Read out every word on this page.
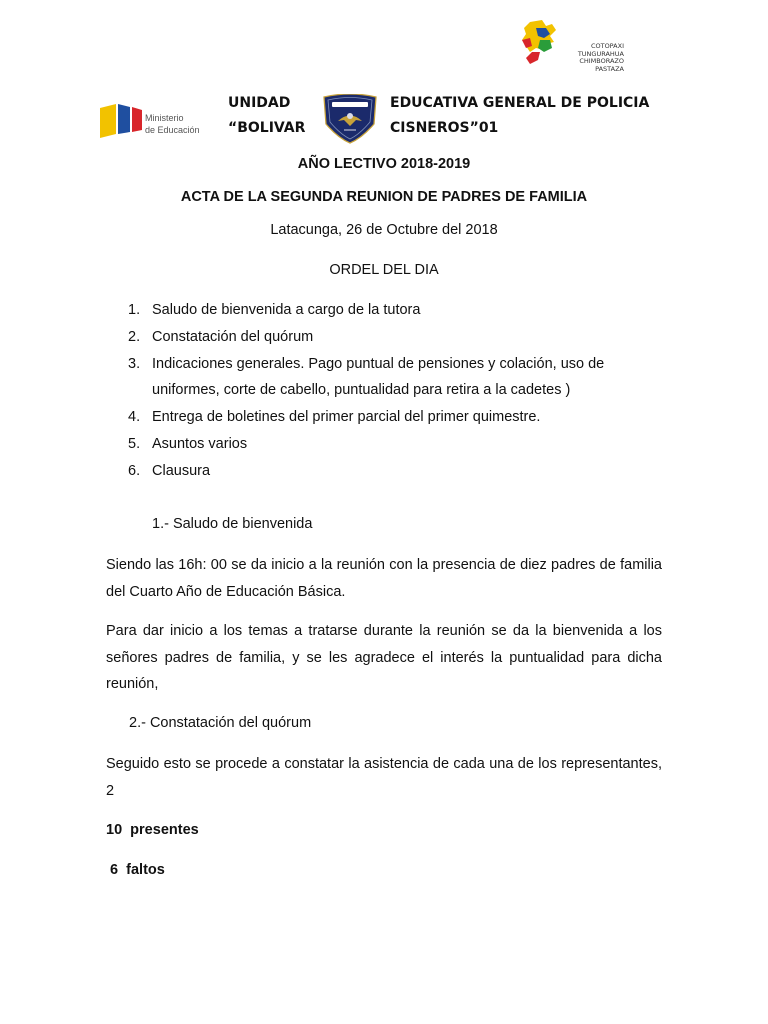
Ministerio
de Educación
UNIDAD
“BOLIVAR
EDUCATIVA GENERAL DE POLICIA
CISNEROS”01
COTOPAXI
TUNGURAHUA
CHIMBORAZO
PASTAZA
AÑO LECTIVO 2018-2019
ACTA DE LA SEGUNDA REUNION DE PADRES DE FAMILIA
Latacunga, 26 de Octubre del 2018
ORDEL DEL DIA
1. Saludo de bienvenida a cargo de la tutora
2. Constatación del quórum
3. Indicaciones generales. Pago puntual de pensiones y colación, uso de
uniformes, corte de cabello, puntualidad para retira a la cadetes )
4. Entrega de boletines del primer parcial del primer quimestre.
5. Asuntos varios
6. Clausura
1.- Saludo de bienvenida
Siendo las 16h: 00 se da inicio a la reunión con la presencia de diez padres de familia del Cuarto Año de Educación Básica.
Para dar inicio a los temas a tratarse durante la reunión se da la bienvenida a los señores padres de familia, y se les agradece el interés la puntualidad para dicha reunión,
2.- Constatación del quórum
Seguido esto se procede a constatar la asistencia de cada una de los representantes, 2
10  presentes
6  faltos
